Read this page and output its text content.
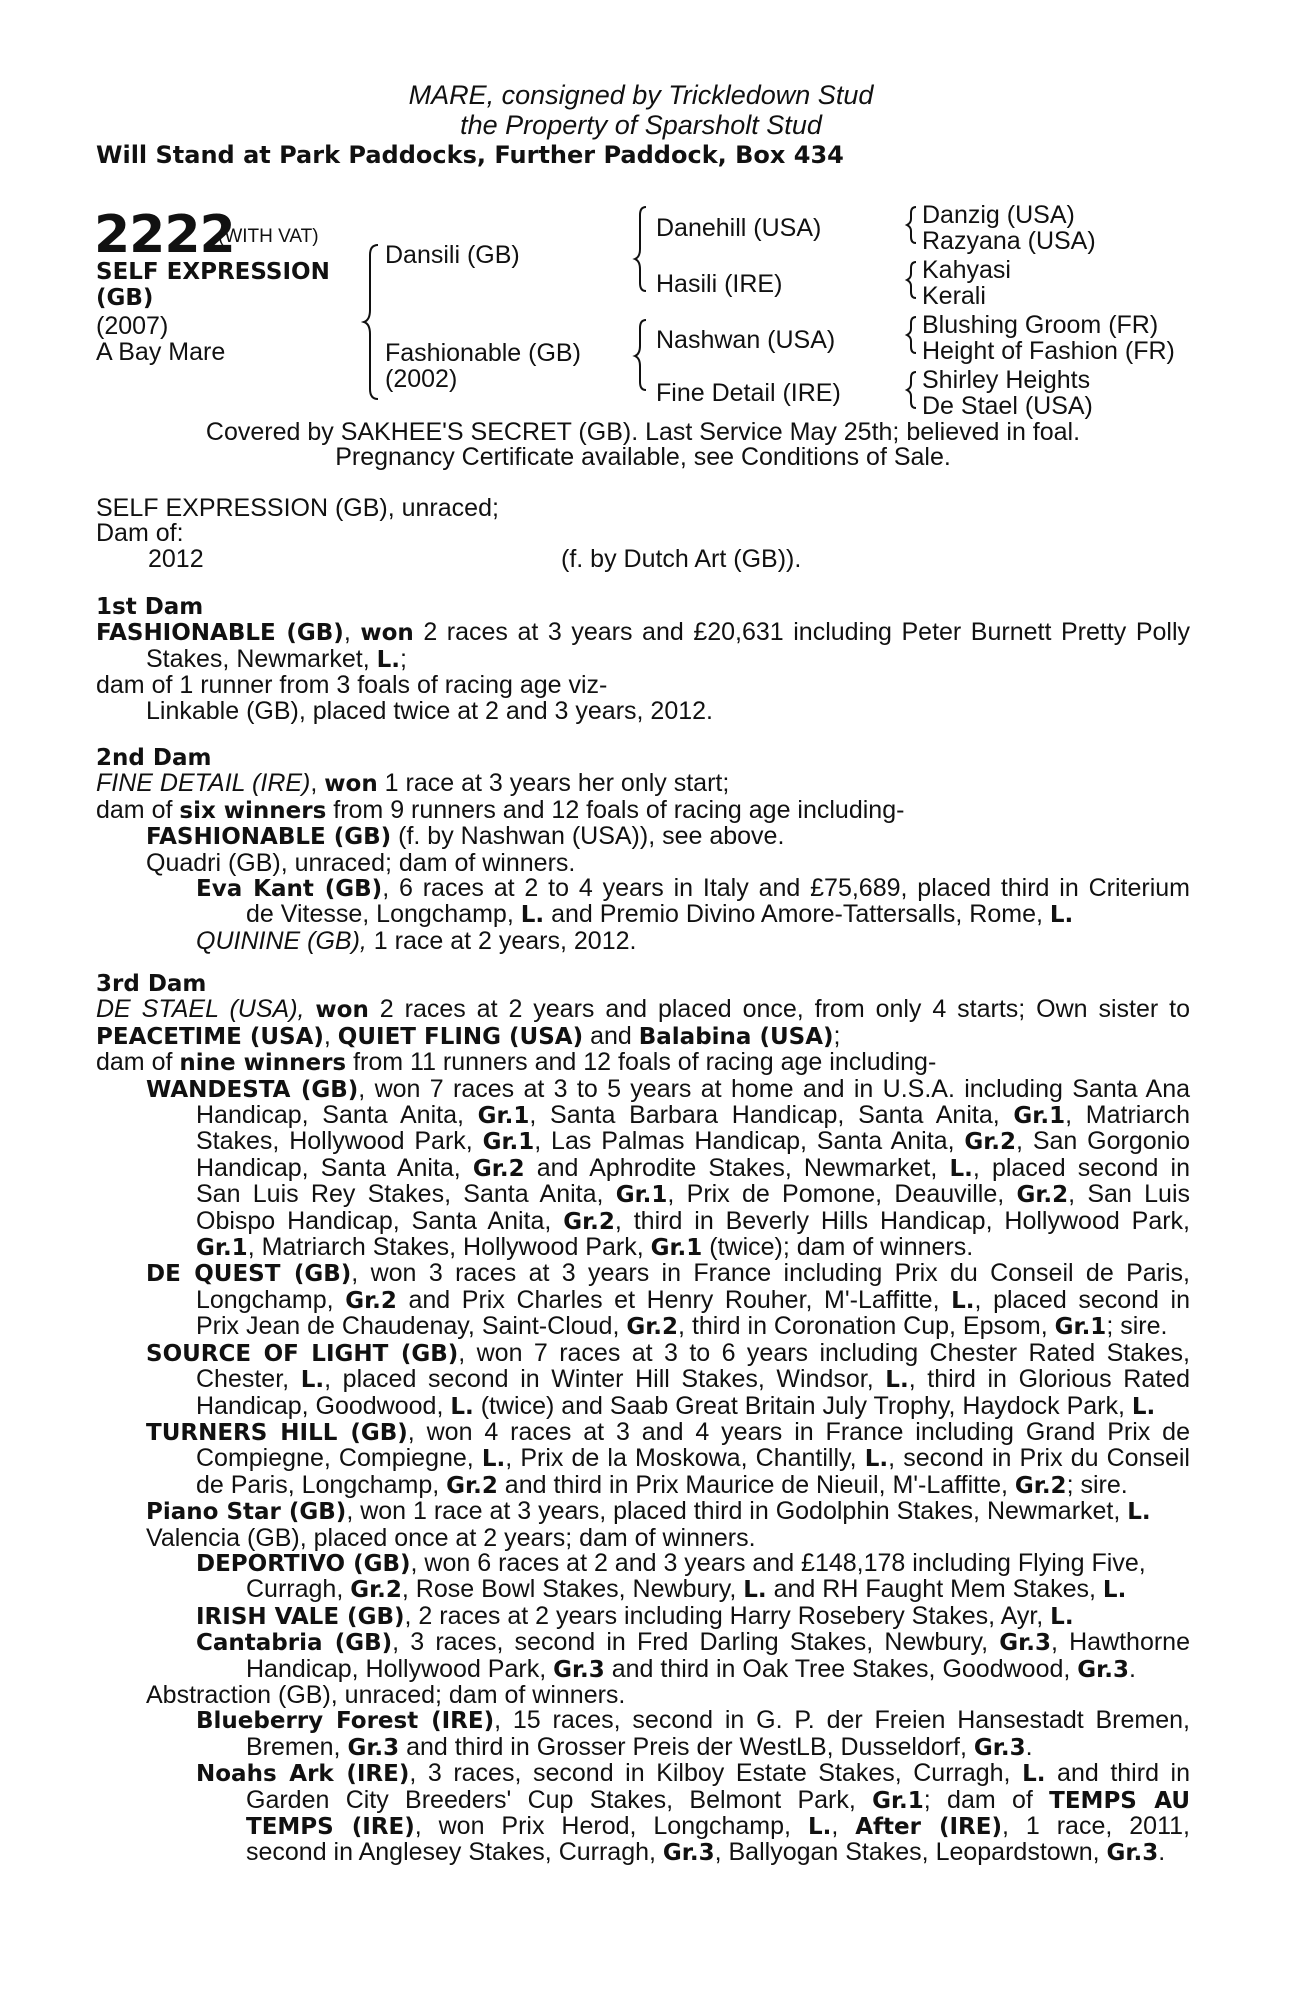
MARE, consigned by Trickledown Stud
the Property of Sparsholt Stud
Will Stand at Park Paddocks, Further Paddock, Box 434
2222
(WITH VAT)
SELF EXPRESSION
(GB)
(2007)
A Bay Mare
Dansili (GB)
Fashionable (GB)
(2002)
Danehill (USA)
Hasili (IRE)
Nashwan (USA)
Fine Detail (IRE)
Danzig (USA)
Razyana (USA)
Kahyasi
Kerali
Blushing Groom (FR)
Height of Fashion (FR)
Shirley Heights
De Stael (USA)
Covered by SAKHEE'S SECRET (GB). Last Service May 25th; believed in foal.
Pregnancy Certificate available, see Conditions of Sale.
SELF EXPRESSION (GB), unraced;
Dam of:
2012	(f. by Dutch Art (GB)).
1st Dam
FASHIONABLE (GB), won 2 races at 3 years and £20,631 including Peter Burnett Pretty Polly
Stakes, Newmarket, L.;
dam of 1 runner from 3 foals of racing age viz-
Linkable (GB), placed twice at 2 and 3 years, 2012.
2nd Dam
FINE DETAIL (IRE), won 1 race at 3 years her only start;
dam of six winners from 9 runners and 12 foals of racing age including-
FASHIONABLE (GB) (f. by Nashwan (USA)), see above.
Quadri (GB), unraced; dam of winners.
Eva Kant (GB), 6 races at 2 to 4 years in Italy and £75,689, placed third in Criterium
de Vitesse, Longchamp, L. and Premio Divino Amore-Tattersalls, Rome, L.
QUININE (GB), 1 race at 2 years, 2012.
3rd Dam
DE STAEL (USA), won 2 races at 2 years and placed once, from only 4 starts; Own sister to
PEACETIME (USA), QUIET FLING (USA) and Balabina (USA);
dam of nine winners from 11 runners and 12 foals of racing age including-
WANDESTA (GB), won 7 races at 3 to 5 years at home and in U.S.A. including Santa Ana
Handicap, Santa Anita, Gr.1, Santa Barbara Handicap, Santa Anita, Gr.1, Matriarch
Stakes, Hollywood Park, Gr.1, Las Palmas Handicap, Santa Anita, Gr.2, San Gorgonio
Handicap, Santa Anita, Gr.2 and Aphrodite Stakes, Newmarket, L., placed second in
San Luis Rey Stakes, Santa Anita, Gr.1, Prix de Pomone, Deauville, Gr.2, San Luis
Obispo Handicap, Santa Anita, Gr.2, third in Beverly Hills Handicap, Hollywood Park,
Gr.1, Matriarch Stakes, Hollywood Park, Gr.1 (twice); dam of winners.
DE QUEST (GB), won 3 races at 3 years in France including Prix du Conseil de Paris,
Longchamp, Gr.2 and Prix Charles et Henry Rouher, M'-Laffitte, L., placed second in
Prix Jean de Chaudenay, Saint-Cloud, Gr.2, third in Coronation Cup, Epsom, Gr.1; sire.
SOURCE OF LIGHT (GB), won 7 races at 3 to 6 years including Chester Rated Stakes,
Chester, L., placed second in Winter Hill Stakes, Windsor, L., third in Glorious Rated
Handicap, Goodwood, L. (twice) and Saab Great Britain July Trophy, Haydock Park, L.
TURNERS HILL (GB), won 4 races at 3 and 4 years in France including Grand Prix de
Compiegne, Compiegne, L., Prix de la Moskowa, Chantilly, L., second in Prix du Conseil
de Paris, Longchamp, Gr.2 and third in Prix Maurice de Nieuil, M'-Laffitte, Gr.2; sire.
Piano Star (GB), won 1 race at 3 years, placed third in Godolphin Stakes, Newmarket, L.
Valencia (GB), placed once at 2 years; dam of winners.
DEPORTIVO (GB), won 6 races at 2 and 3 years and £148,178 including Flying Five,
Curragh, Gr.2, Rose Bowl Stakes, Newbury, L. and RH Faught Mem Stakes, L.
IRISH VALE (GB), 2 races at 2 years including Harry Rosebery Stakes, Ayr, L.
Cantabria (GB), 3 races, second in Fred Darling Stakes, Newbury, Gr.3, Hawthorne
Handicap, Hollywood Park, Gr.3 and third in Oak Tree Stakes, Goodwood, Gr.3.
Abstraction (GB), unraced; dam of winners.
Blueberry Forest (IRE), 15 races, second in G. P. der Freien Hansestadt Bremen,
Bremen, Gr.3 and third in Grosser Preis der WestLB, Dusseldorf, Gr.3.
Noahs Ark (IRE), 3 races, second in Kilboy Estate Stakes, Curragh, L. and third in
Garden City Breeders' Cup Stakes, Belmont Park, Gr.1; dam of TEMPS AU
TEMPS (IRE), won Prix Herod, Longchamp, L., After (IRE), 1 race, 2011,
second in Anglesey Stakes, Curragh, Gr.3, Ballyogan Stakes, Leopardstown, Gr.3.
